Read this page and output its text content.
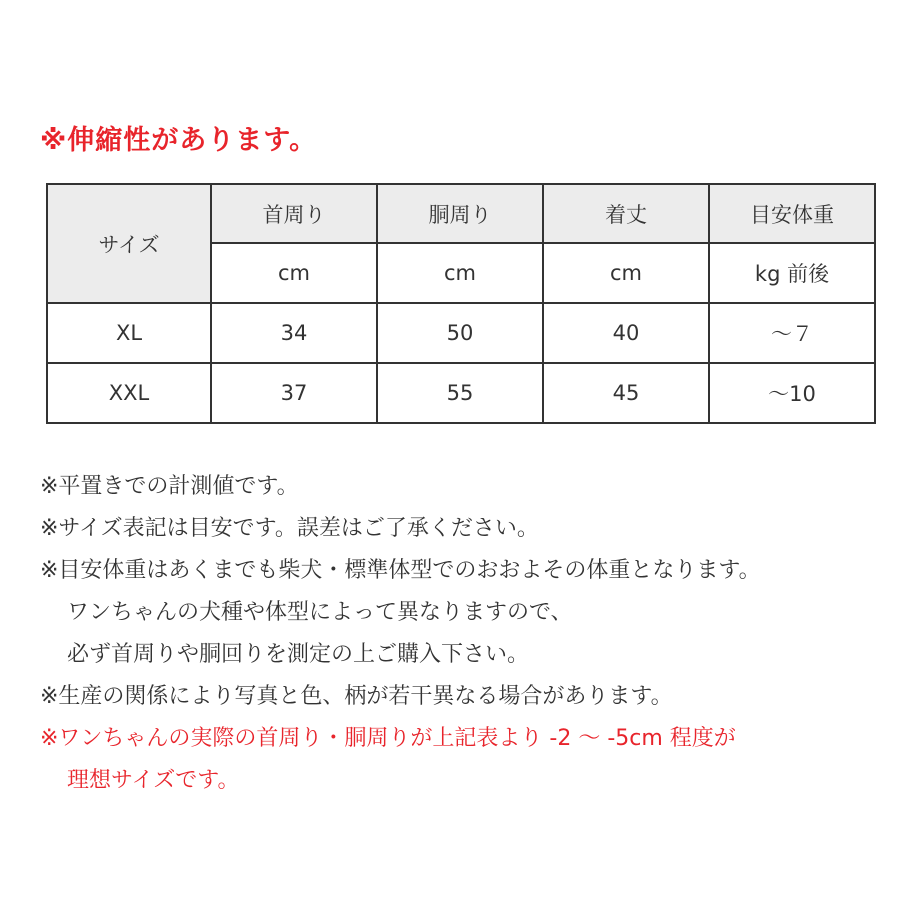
※伸縮性があります。
サイズ	首周り	胴周り	着丈	目安体重
	cm	cm	cm	kg 前後
XL	34	50	40	～７
XXL	37	55	45	～10
※平置きでの計測値です。
※サイズ表記は目安です。誤差はご了承ください。
※目安体重はあくまでも柴犬・標準体型でのおおよその体重となります。
ワンちゃんの犬種や体型によって異なりますので、
必ず首周りや胴回りを測定の上ご購入下さい。
※生産の関係により写真と色、柄が若干異なる場合があります。
※ワンちゃんの実際の首周り・胴周りが上記表より -2 ～ -5cm 程度が
理想サイズです。
